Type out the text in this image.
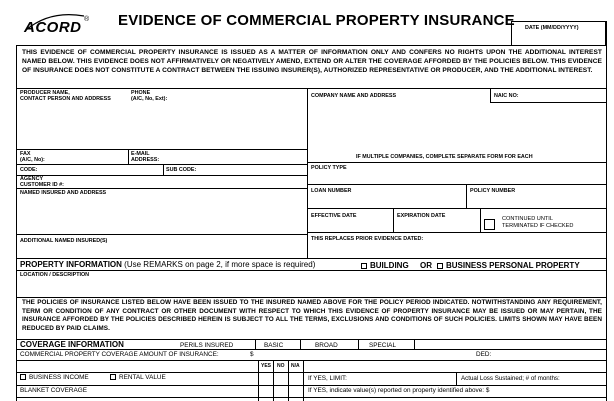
ACORD ® EVIDENCE OF COMMERCIAL PROPERTY INSURANCE DATE (MM/DD/YYYY)
THIS EVIDENCE OF COMMERCIAL PROPERTY INSURANCE IS ISSUED AS A MATTER OF INFORMATION ONLY AND CONFERS NO RIGHTS UPON THE ADDITIONAL INTEREST NAMED BELOW. THIS EVIDENCE DOES NOT AFFIRMATIVELY OR NEGATIVELY AMEND, EXTEND OR ALTER THE COVERAGE AFFORDED BY THE POLICIES BELOW. THIS EVIDENCE OF INSURANCE DOES NOT CONSTITUTE A CONTRACT BETWEEN THE ISSUING INSURER(S), AUTHORIZED REPRESENTATIVE OR PRODUCER, AND THE ADDITIONAL INTEREST.
PRODUCER NAME,
CONTACT PERSON AND ADDRESS
PHONE
(A/C, No, Ext):
FAX
(A/C, No):
E-MAIL
ADDRESS:
CODE:	SUB CODE:
AGENCY
CUSTOMER ID #:
NAMED INSURED AND ADDRESS
ADDITIONAL NAMED INSURED(S)
COMPANY NAME AND ADDRESS	NAIC NO:
IF MULTIPLE COMPANIES, COMPLETE SEPARATE FORM FOR EACH
POLICY TYPE
LOAN NUMBER	POLICY NUMBER
EFFECTIVE DATE	EXPIRATION DATE	CONTINUED UNTIL
TERMINATED IF CHECKED
THIS REPLACES PRIOR EVIDENCE DATED:
PROPERTY INFORMATION (Use REMARKS on page 2, if more space is required)	BUILDING OR	BUSINESS PERSONAL PROPERTY
LOCATION / DESCRIPTION
THE POLICIES OF INSURANCE LISTED BELOW HAVE BEEN ISSUED TO THE INSURED NAMED ABOVE FOR THE POLICY PERIOD INDICATED. NOTWITHSTANDING ANY REQUIREMENT, TERM OR CONDITION OF ANY CONTRACT OR OTHER DOCUMENT WITH RESPECT TO WHICH THIS EVIDENCE OF PROPERTY INSURANCE MAY BE ISSUED OR MAY PERTAIN, THE INSURANCE AFFORDED BY THE POLICIES DESCRIBED HEREIN IS SUBJECT TO ALL THE TERMS, EXCLUSIONS AND CONDITIONS OF SUCH POLICIES. LIMITS SHOWN MAY HAVE BEEN REDUCED BY PAID CLAIMS.
COVERAGE INFORMATION	PERILS INSURED	BASIC	BROAD	SPECIAL
COMMERCIAL PROPERTY COVERAGE AMOUNT OF INSURANCE:	$	DED:
YES NO N/A
BUSINESS INCOME	RENTAL VALUE	If YES, LIMIT:	Actual Loss Sustained; # of months:
BLANKET COVERAGE	If YES, indicate value(s) reported on property identified above: $
